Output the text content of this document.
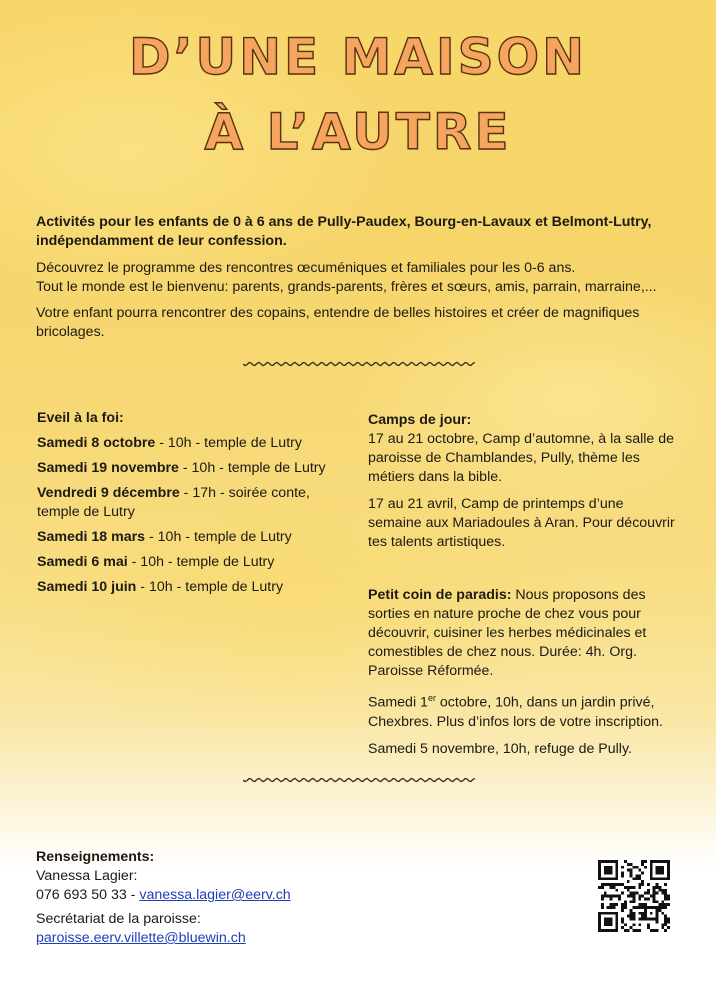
D’UNE MAISON
À L’AUTRE

Activités pour les enfants de 0 à 6 ans de Pully-Paudex, Bourg-en-Lavaux et Belmont-Lutry, indépendamment de leur confession.

Découvrez le programme des rencontres œcuméniques et familiales pour les 0-6 ans.
Tout le monde est le bienvenu: parents, grands-parents, frères et sœurs, amis, parrain, marraine,...

Votre enfant pourra rencontrer des copains, entendre de belles histoires et créer de magnifiques bricolages.

Eveil à la foi:
Samedi 8 octobre - 10h - temple de Lutry
Samedi 19 novembre - 10h - temple de Lutry
Vendredi 9 décembre - 17h - soirée conte, temple de Lutry
Samedi 18 mars - 10h - temple de Lutry
Samedi 6 mai - 10h - temple de Lutry
Samedi 10 juin - 10h - temple de Lutry
Camps de jour:

17 au 21 octobre, Camp d’automne, à la salle de paroisse de Chamblandes, Pully, thème les métiers dans la bible.

17 au 21 avril, Camp de printemps d’une semaine aux Mariadoules à Aran. Pour découvrir tes talents artistiques.

Petit coin de paradis: Nous proposons des sorties en nature proche de chez vous pour découvrir, cuisiner les herbes médicinales et comestibles de chez nous. Durée: 4h. Org. Paroisse Réformée.

Samedi 1er octobre, 10h, dans un jardin privé, Chexbres. Plus d’infos lors de votre inscription.

Samedi 5 novembre, 10h, refuge de Pully.

Renseignements:
Vanessa Lagier:
076 693 50 33 - vanessa.lagier@eerv.ch
Secrétariat de la paroisse:
paroisse.eerv.villette@bluewin.ch
